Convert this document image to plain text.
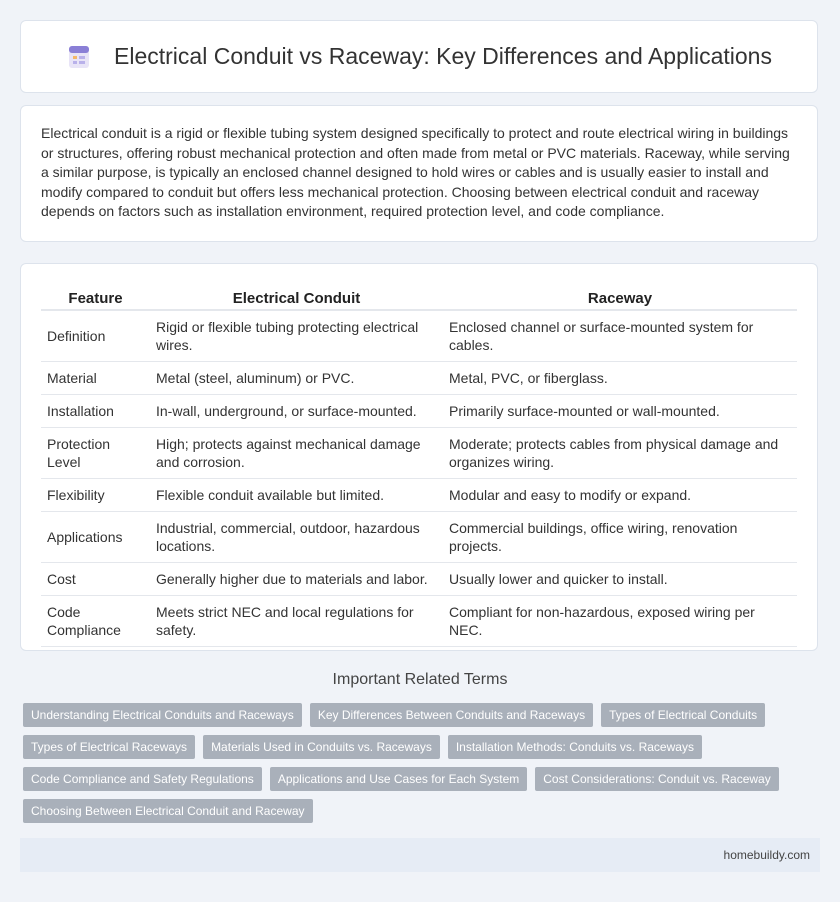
Electrical Conduit vs Raceway: Key Differences and Applications

Electrical conduit is a rigid or flexible tubing system designed specifically to protect and route electrical wiring in buildings or structures, offering robust mechanical protection and often made from metal or PVC materials. Raceway, while serving a similar purpose, is typically an enclosed channel designed to hold wires or cables and is usually easier to install and modify compared to conduit but offers less mechanical protection. Choosing between electrical conduit and raceway depends on factors such as installation environment, required protection level, and code compliance.

Feature	Electrical Conduit	Raceway
Definition	Rigid or flexible tubing protecting electrical wires.	Enclosed channel or surface-mounted system for cables.
Material	Metal (steel, aluminum) or PVC.	Metal, PVC, or fiberglass.
Installation	In-wall, underground, or surface-mounted.	Primarily surface-mounted or wall-mounted.
Protection Level	High; protects against mechanical damage and corrosion.	Moderate; protects cables from physical damage and organizes wiring.
Flexibility	Flexible conduit available but limited.	Modular and easy to modify or expand.
Applications	Industrial, commercial, outdoor, hazardous locations.	Commercial buildings, office wiring, renovation projects.
Cost	Generally higher due to materials and labor.	Usually lower and quicker to install.
Code Compliance	Meets strict NEC and local regulations for safety.	Compliant for non-hazardous, exposed wiring per NEC.
Important Related Terms
Understanding Electrical Conduits and Raceways	Key Differences Between Conduits and Raceways	Types of Electrical Conduits
Types of Electrical Raceways	Materials Used in Conduits vs. Raceways	Installation Methods: Conduits vs. Raceways
Code Compliance and Safety Regulations	Applications and Use Cases for Each System	Cost Considerations: Conduit vs. Raceway
Choosing Between Electrical Conduit and Raceway
homebuildy.com
